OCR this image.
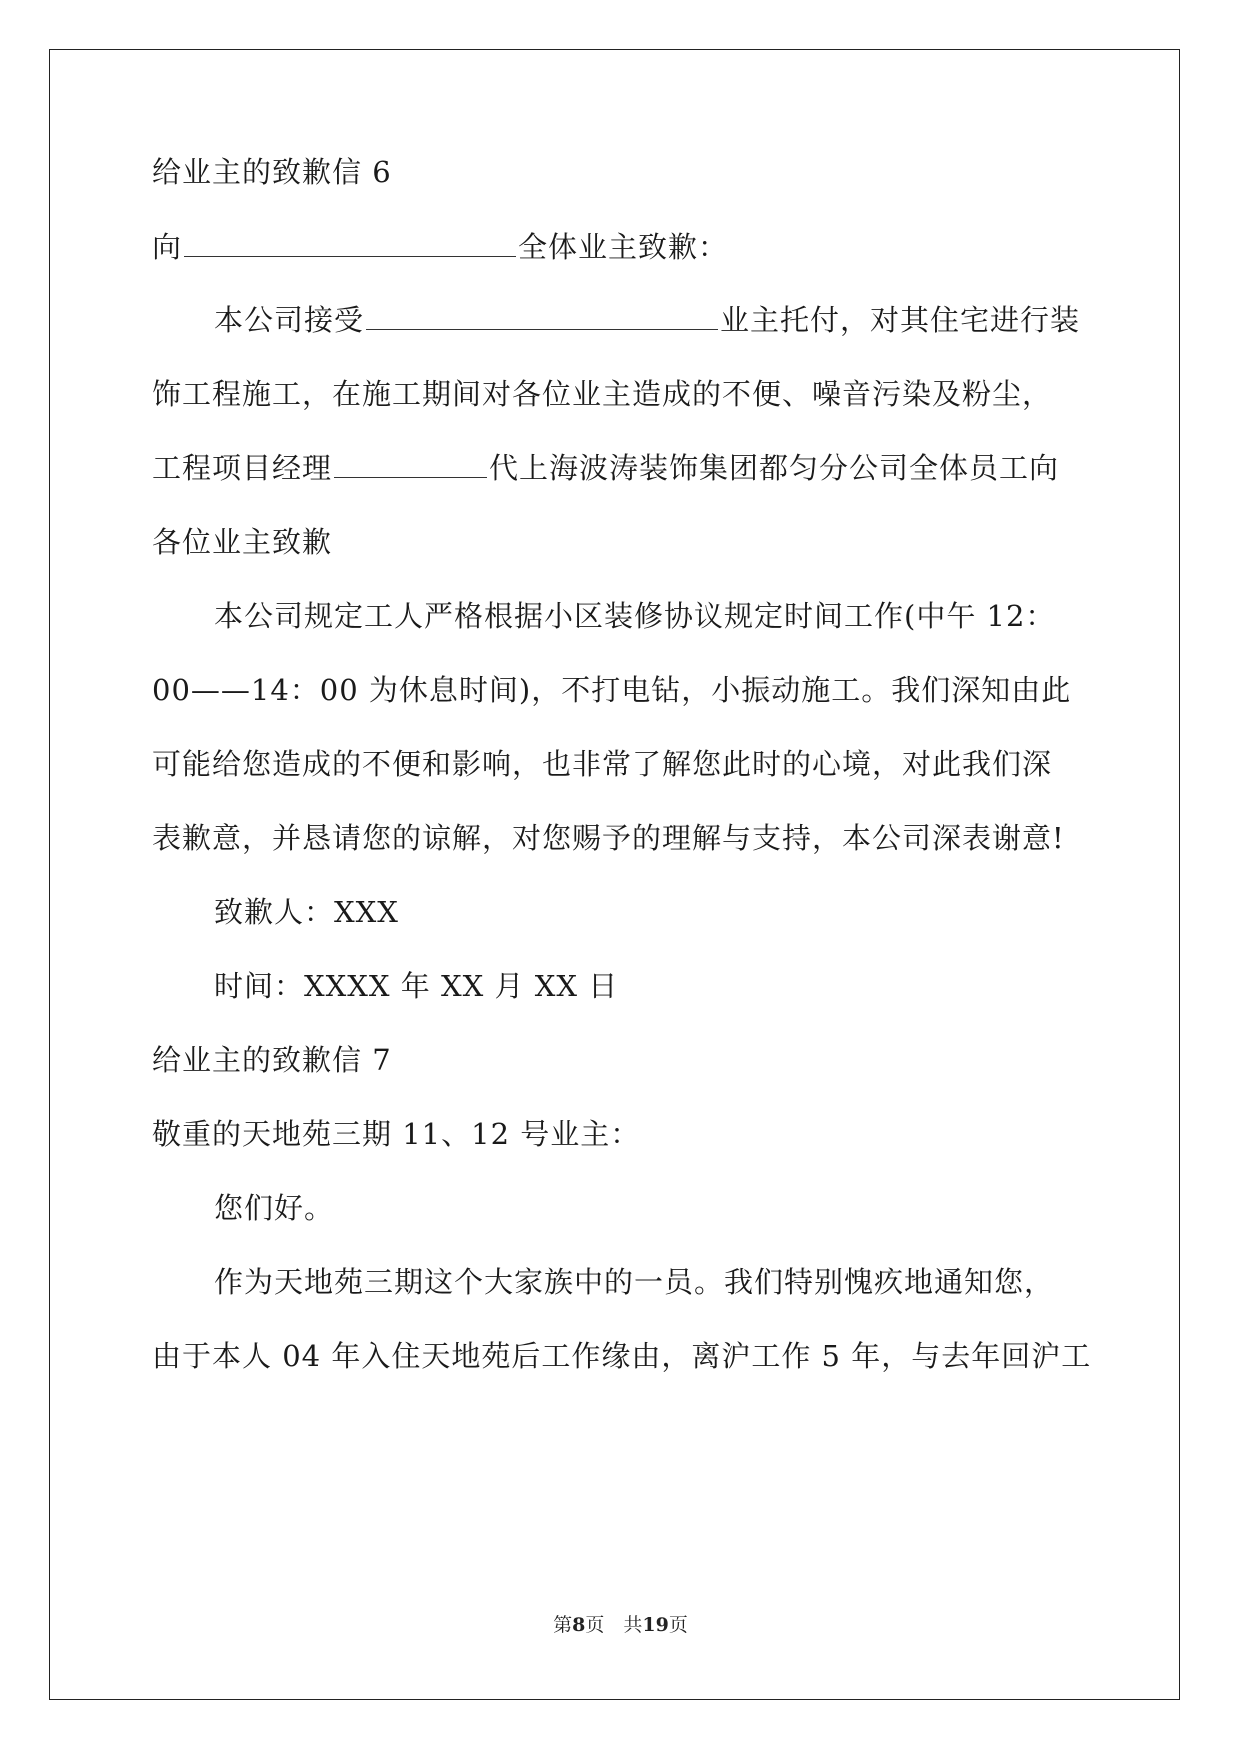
给业主的致歉信 6
向	全体业主致歉：
本公司接受	业主托付，对其住宅进行装
饰工程施工，在施工期间对各位业主造成的不便、噪音污染及粉尘，
工程项目经理	代上海波涛装饰集团都匀分公司全体员工向
各位业主致歉
本公司规定工人严格根据小区装修协议规定时间工作(中午 12：
00——14：00 为休息时间)，不打电钻，小振动施工。我们深知由此
可能给您造成的不便和影响，也非常了解您此时的心境，对此我们深
表歉意，并恳请您的谅解，对您赐予的理解与支持，本公司深表谢意!
致歉人：XXX
时间：XXXX 年 XX 月 XX 日
给业主的致歉信 7
敬重的天地苑三期 11、12 号业主：
您们好。
作为天地苑三期这个大家族中的一员。我们特别愧疚地通知您，
由于本人 04 年入住天地苑后工作缘由，离沪工作 5 年，与去年回沪工
第8页　共19页
